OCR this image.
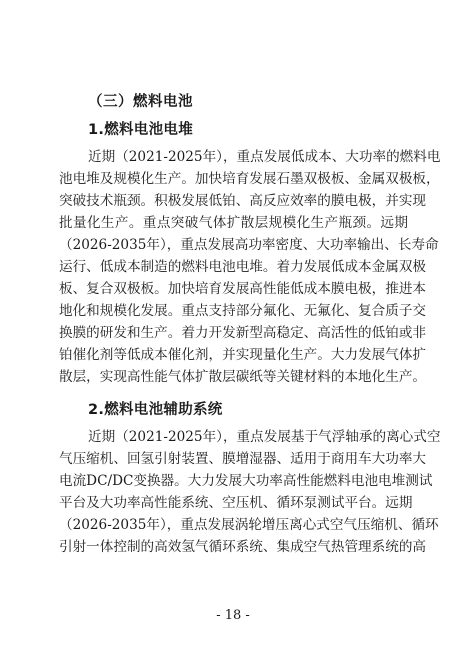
（三）燃料电池
1.燃料电池电堆
近期（2021-2025年），重点发展低成本、大功率的燃料电
池电堆及规模化生产。加快培育发展石墨双极板、金属双极板，
突破技术瓶颈。积极发展低铂、高反应效率的膜电极，并实现
批量化生产。重点突破气体扩散层规模化生产瓶颈。远期
（2026-2035年），重点发展高功率密度、大功率输出、长寿命
运行、低成本制造的燃料电池电堆。着力发展低成本金属双极
板、复合双极板。加快培育发展高性能低成本膜电极，推进本
地化和规模化发展。重点支持部分氟化、无氟化、复合质子交
换膜的研发和生产。着力开发新型高稳定、高活性的低铂或非
铂催化剂等低成本催化剂，并实现量化生产。大力发展气体扩
散层，实现高性能气体扩散层碳纸等关键材料的本地化生产。
2.燃料电池辅助系统
近期（2021-2025年），重点发展基于气浮轴承的离心式空
气压缩机、回氢引射装置、膜增湿器、适用于商用车大功率大
电流DC/DC变换器。大力发展大功率高性能燃料电池电堆测试
平台及大功率高性能系统、空压机、循环泵测试平台。远期
（2026-2035年），重点发展涡轮增压离心式空气压缩机、循环
引射一体控制的高效氢气循环系统、集成空气热管理系统的高
- 18 -
